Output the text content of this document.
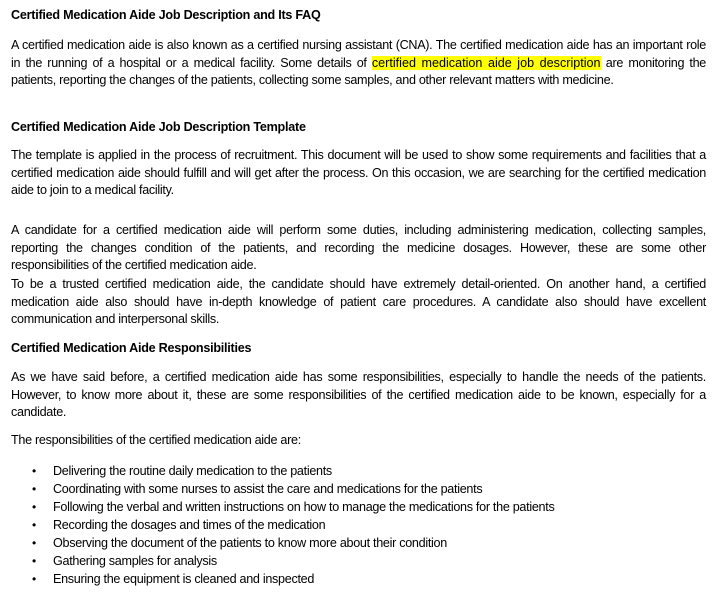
Certified Medication Aide Job Description and Its FAQ

A certified medication aide is also known as a certified nursing assistant (CNA). The certified medication aide has an important role in the running of a hospital or a medical facility. Some details of certified medication aide job description are monitoring the patients, reporting the changes of the patients, collecting some samples, and other relevant matters with medicine.

Certified Medication Aide Job Description Template

The template is applied in the process of recruitment. This document will be used to show some requirements and facilities that a certified medication aide should fulfill and will get after the process. On this occasion, we are searching for the certified medication aide to join to a medical facility.

A candidate for a certified medication aide will perform some duties, including administering medication, collecting samples, reporting the changes condition of the patients, and recording the medicine dosages. However, these are some other responsibilities of the certified medication aide.

To be a trusted certified medication aide, the candidate should have extremely detail-oriented. On another hand, a certified medication aide also should have in-depth knowledge of patient care procedures. A candidate also should have excellent communication and interpersonal skills.

Certified Medication Aide Responsibilities

As we have said before, a certified medication aide has some responsibilities, especially to handle the needs of the patients. However, to know more about it, these are some responsibilities of the certified medication aide to be known, especially for a candidate.

The responsibilities of the certified medication aide are:

• Delivering the routine daily medication to the patients
• Coordinating with some nurses to assist the care and medications for the patients
• Following the verbal and written instructions on how to manage the medications for the patients
• Recording the dosages and times of the medication
• Observing the document of the patients to know more about their condition
• Gathering samples for analysis
• Ensuring the equipment is cleaned and inspected
